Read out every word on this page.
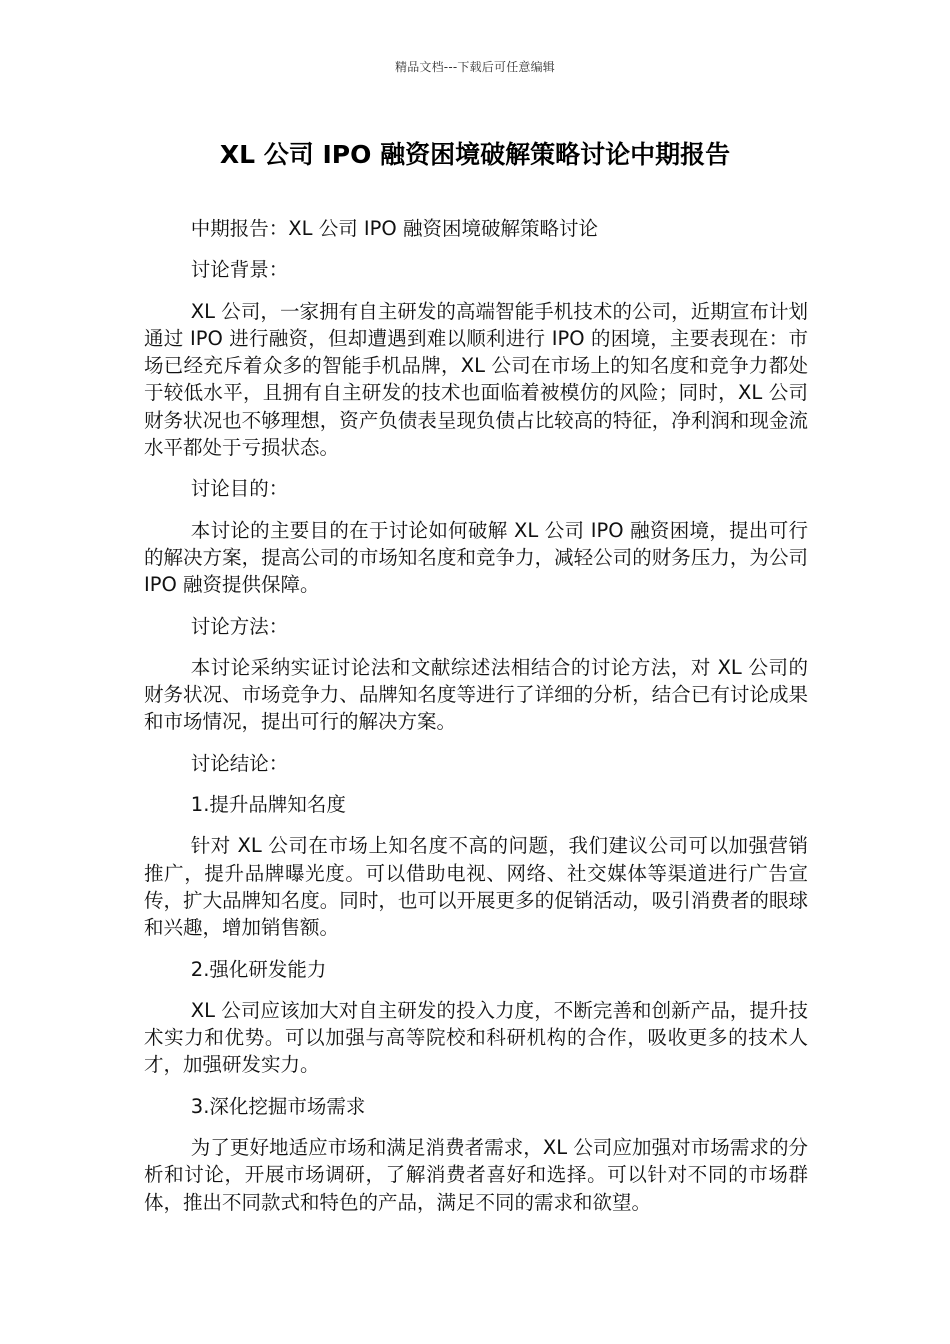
精品文档---下载后可任意编辑
XL 公司 IPO 融资困境破解策略讨论中期报告

中期报告：XL 公司 IPO 融资困境破解策略讨论

讨论背景：

XL 公司，一家拥有自主研发的高端智能手机技术的公司，近期宣布计划通过 IPO 进行融资，但却遭遇到难以顺利进行 IPO 的困境，主要表现在：市场已经充斥着众多的智能手机品牌，XL 公司在市场上的知名度和竞争力都处于较低水平，且拥有自主研发的技术也面临着被模仿的风险；同时，XL 公司财务状况也不够理想，资产负债表呈现负债占比较高的特征，净利润和现金流水平都处于亏损状态。

讨论目的：

本讨论的主要目的在于讨论如何破解 XL 公司 IPO 融资困境，提出可行的解决方案，提高公司的市场知名度和竞争力，减轻公司的财务压力，为公司 IPO 融资提供保障。

讨论方法：

本讨论采纳实证讨论法和文献综述法相结合的讨论方法，对 XL 公司的财务状况、市场竞争力、品牌知名度等进行了详细的分析，结合已有讨论成果和市场情况，提出可行的解决方案。

讨论结论：

1.提升品牌知名度

针对 XL 公司在市场上知名度不高的问题，我们建议公司可以加强营销推广，提升品牌曝光度。可以借助电视、网络、社交媒体等渠道进行广告宣传，扩大品牌知名度。同时，也可以开展更多的促销活动，吸引消费者的眼球和兴趣，增加销售额。

2.强化研发能力

XL 公司应该加大对自主研发的投入力度，不断完善和创新产品，提升技术实力和优势。可以加强与高等院校和科研机构的合作，吸收更多的技术人才，加强研发实力。

3.深化挖掘市场需求

为了更好地适应市场和满足消费者需求，XL 公司应加强对市场需求的分析和讨论，开展市场调研，了解消费者喜好和选择。可以针对不同的市场群体，推出不同款式和特色的产品，满足不同的需求和欲望。
